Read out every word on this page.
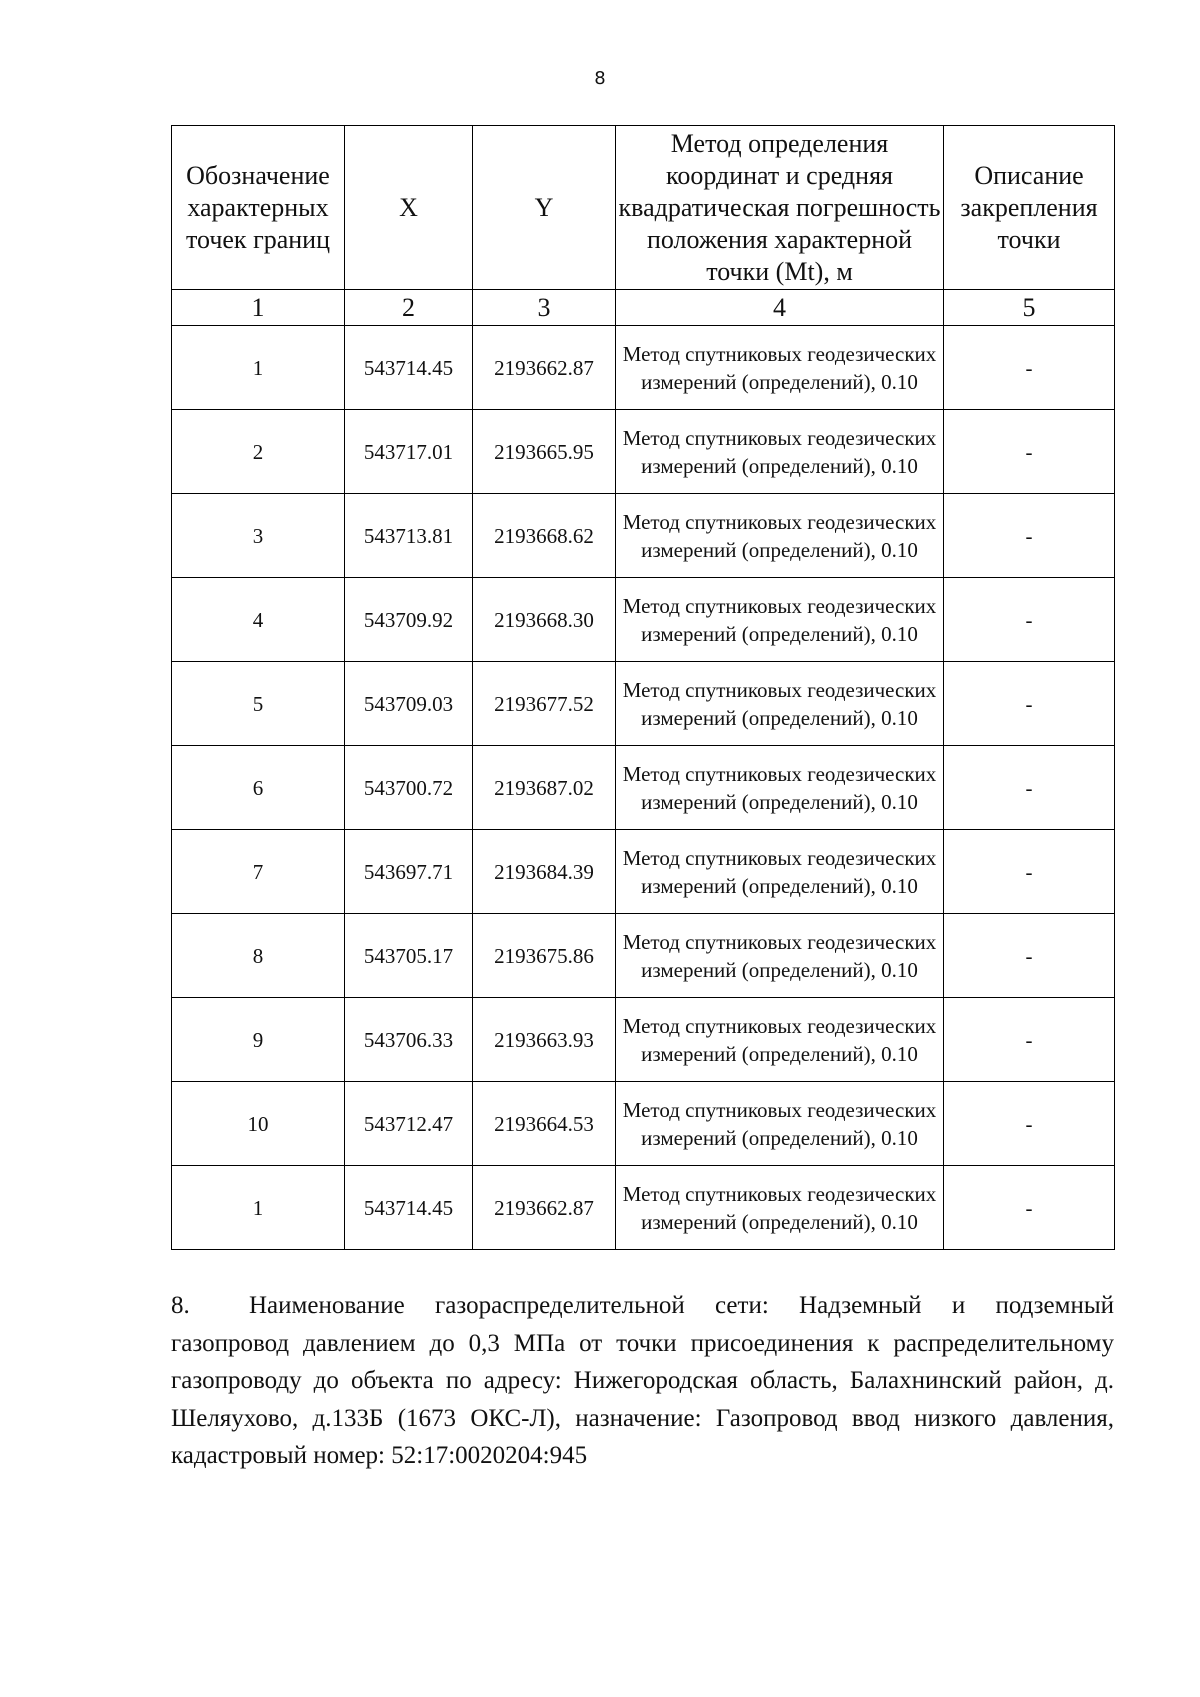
8
Обозначение характерных точек границ	X	Y	Метод определения координат и средняя квадратическая погрешность положения характерной точки (Mt), м	Описание закрепления точки
1	2	3	4	5
1	543714.45	2193662.87	Метод спутниковых геодезических измерений (определений), 0.10	-
2	543717.01	2193665.95	Метод спутниковых геодезических измерений (определений), 0.10	-
3	543713.81	2193668.62	Метод спутниковых геодезических измерений (определений), 0.10	-
4	543709.92	2193668.30	Метод спутниковых геодезических измерений (определений), 0.10	-
5	543709.03	2193677.52	Метод спутниковых геодезических измерений (определений), 0.10	-
6	543700.72	2193687.02	Метод спутниковых геодезических измерений (определений), 0.10	-
7	543697.71	2193684.39	Метод спутниковых геодезических измерений (определений), 0.10	-
8	543705.17	2193675.86	Метод спутниковых геодезических измерений (определений), 0.10	-
9	543706.33	2193663.93	Метод спутниковых геодезических измерений (определений), 0.10	-
10	543712.47	2193664.53	Метод спутниковых геодезических измерений (определений), 0.10	-
1	543714.45	2193662.87	Метод спутниковых геодезических измерений (определений), 0.10	-

8. Наименование газораспределительной сети: Надземный и подземный газопровод давлением до 0,3 МПа от точки присоединения к распределительному газопроводу до объекта по адресу: Нижегородская область, Балахнинский район, д. Шеляухово, д.133Б (1673 ОКС-Л), назначение: Газопровод ввод низкого давления, кадастровый номер: 52:17:0020204:945
